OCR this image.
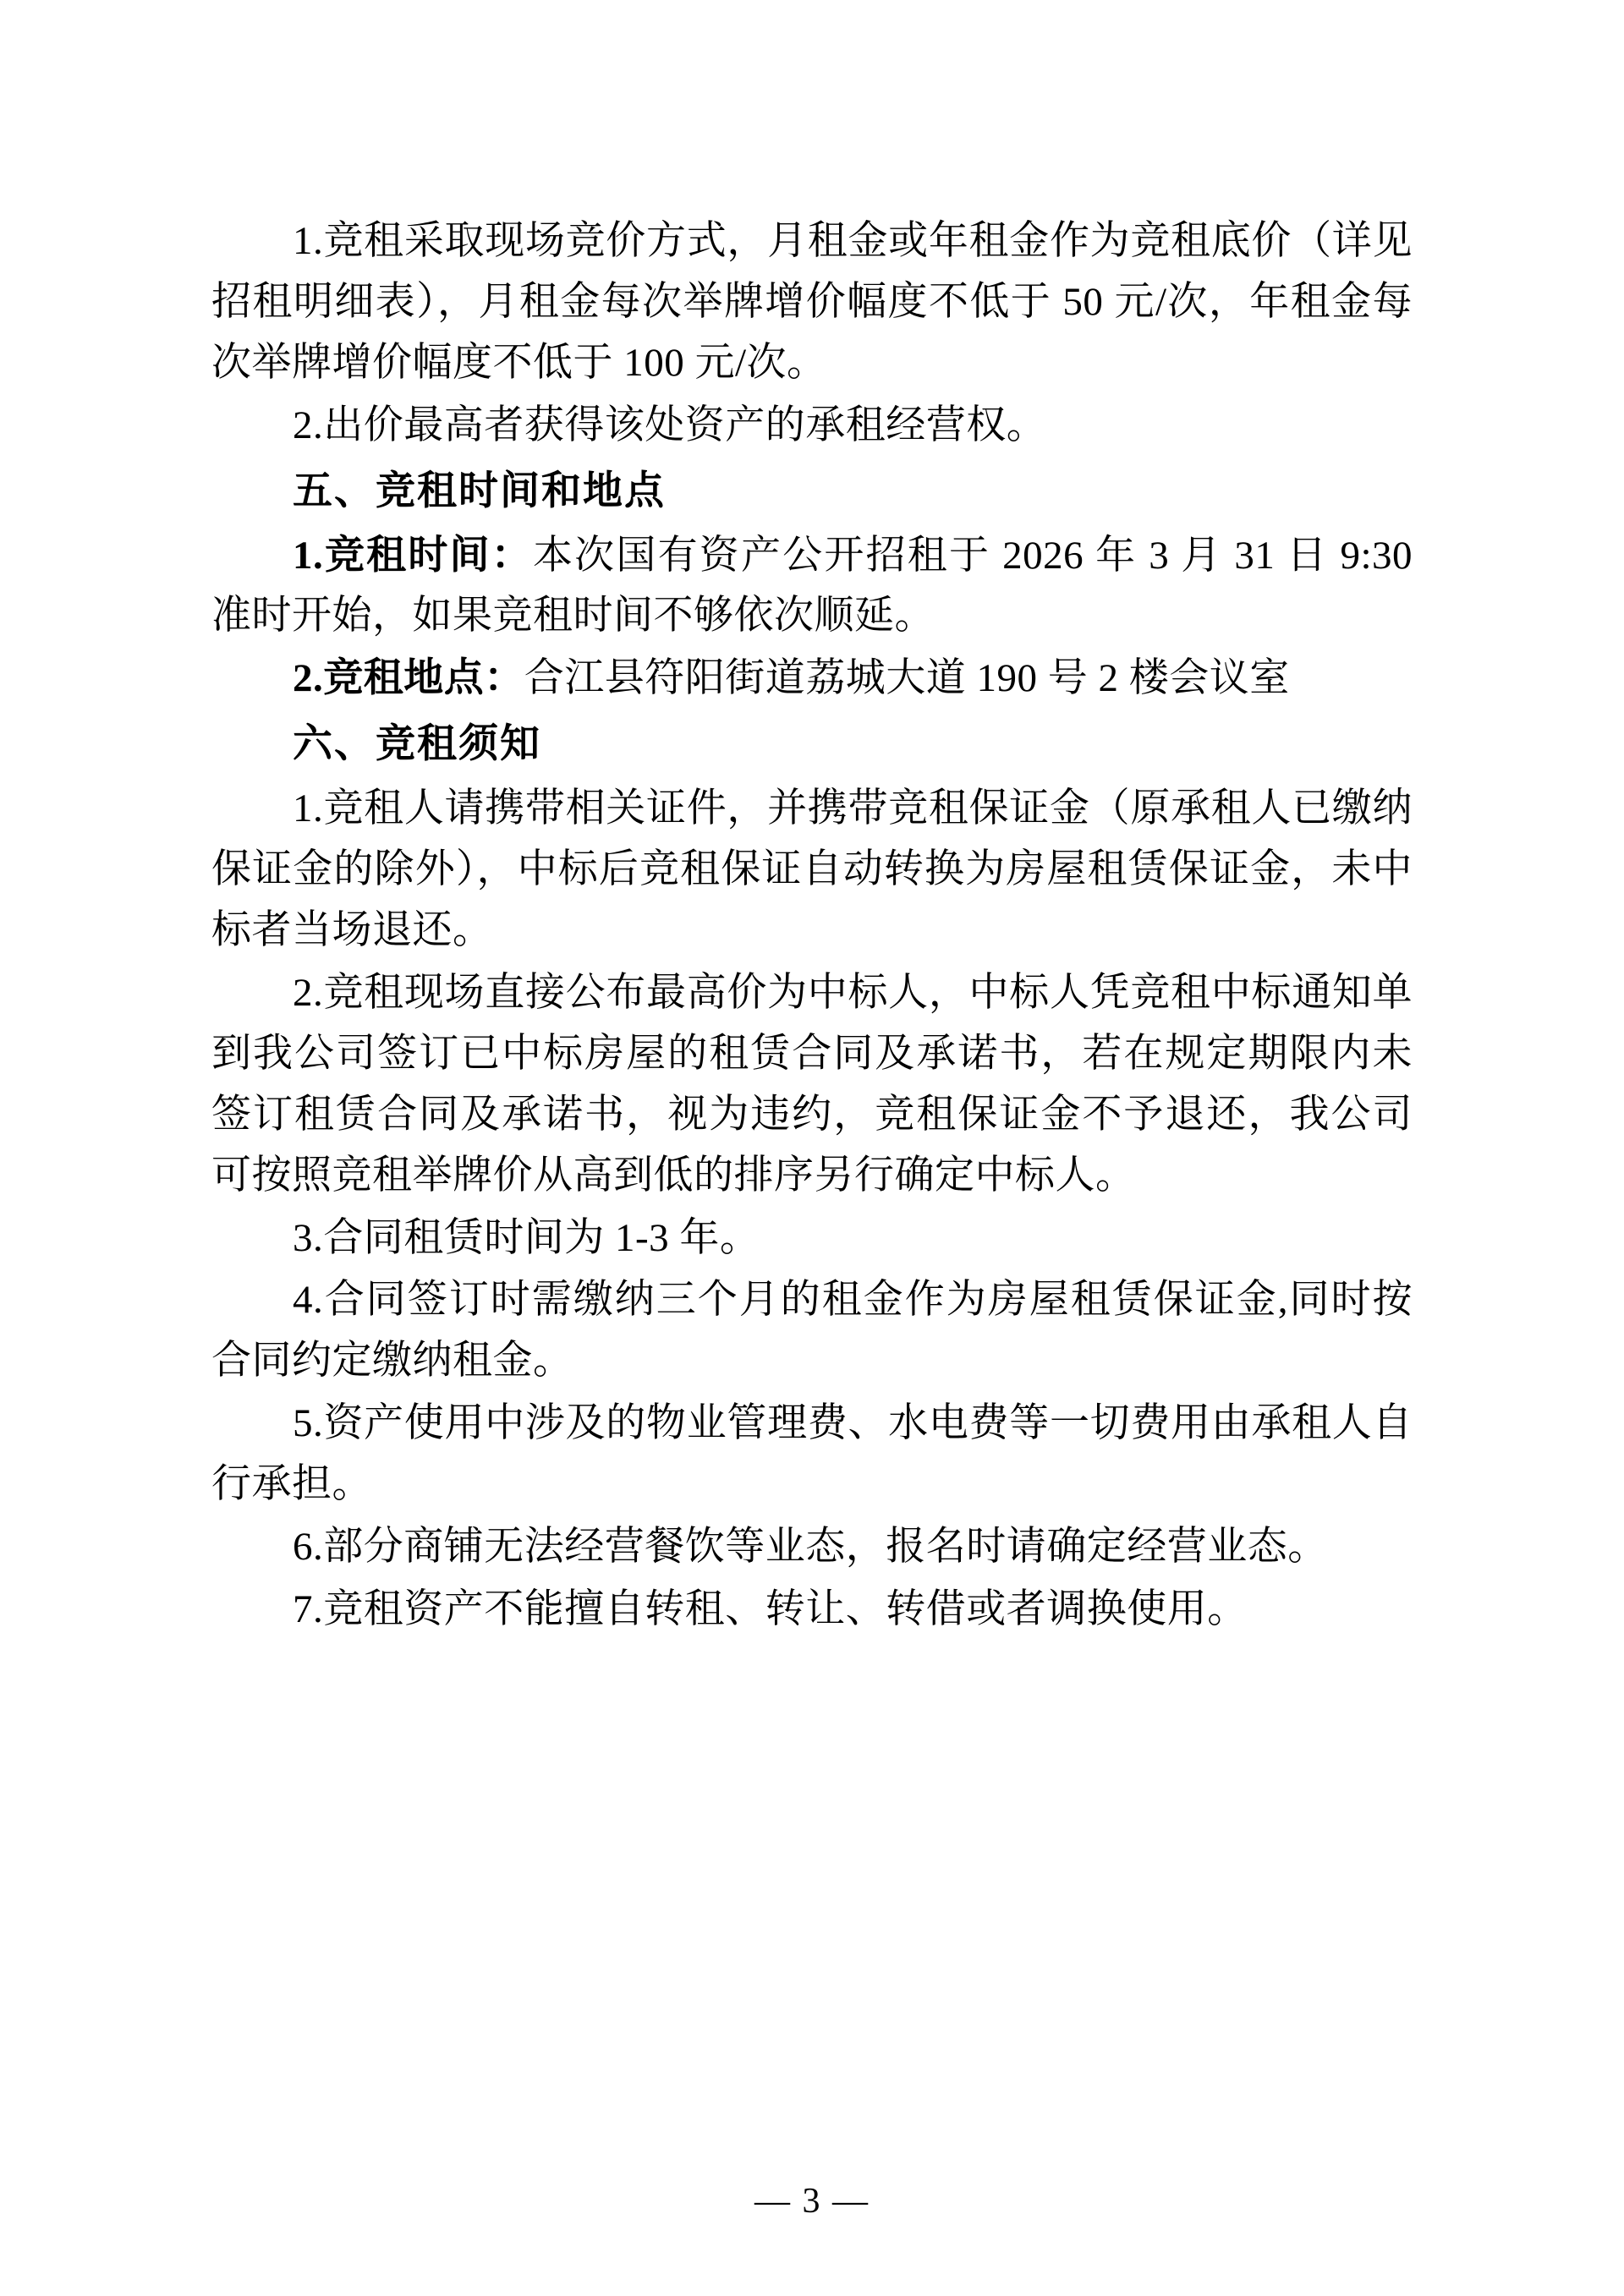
1.竞租采取现场竞价方式，月租金或年租金作为竞租底价（详见招租明细表），月租金每次举牌增价幅度不低于 50 元/次，年租金每次举牌增价幅度不低于 100 元/次。

2.出价最高者获得该处资产的承租经营权。

五、竞租时间和地点

1.竞租时间：本次国有资产公开招租于 2026 年 3 月 31 日 9:30 准时开始，如果竞租时间不够依次顺延。

2.竞租地点：合江县符阳街道荔城大道 190 号 2 楼会议室

六、竞租须知

1.竞租人请携带相关证件，并携带竞租保证金（原承租人已缴纳保证金的除外），中标后竞租保证自动转换为房屋租赁保证金，未中标者当场退还。

2.竞租现场直接公布最高价为中标人，中标人凭竞租中标通知单到我公司签订已中标房屋的租赁合同及承诺书，若在规定期限内未签订租赁合同及承诺书，视为违约，竞租保证金不予退还，我公司可按照竞租举牌价从高到低的排序另行确定中标人。

3.合同租赁时间为 1-3 年。

4.合同签订时需缴纳三个月的租金作为房屋租赁保证金,同时按合同约定缴纳租金。

5.资产使用中涉及的物业管理费、水电费等一切费用由承租人自行承担。

6.部分商铺无法经营餐饮等业态，报名时请确定经营业态。

7.竞租资产不能擅自转租、转让、转借或者调换使用。

— 3 —
